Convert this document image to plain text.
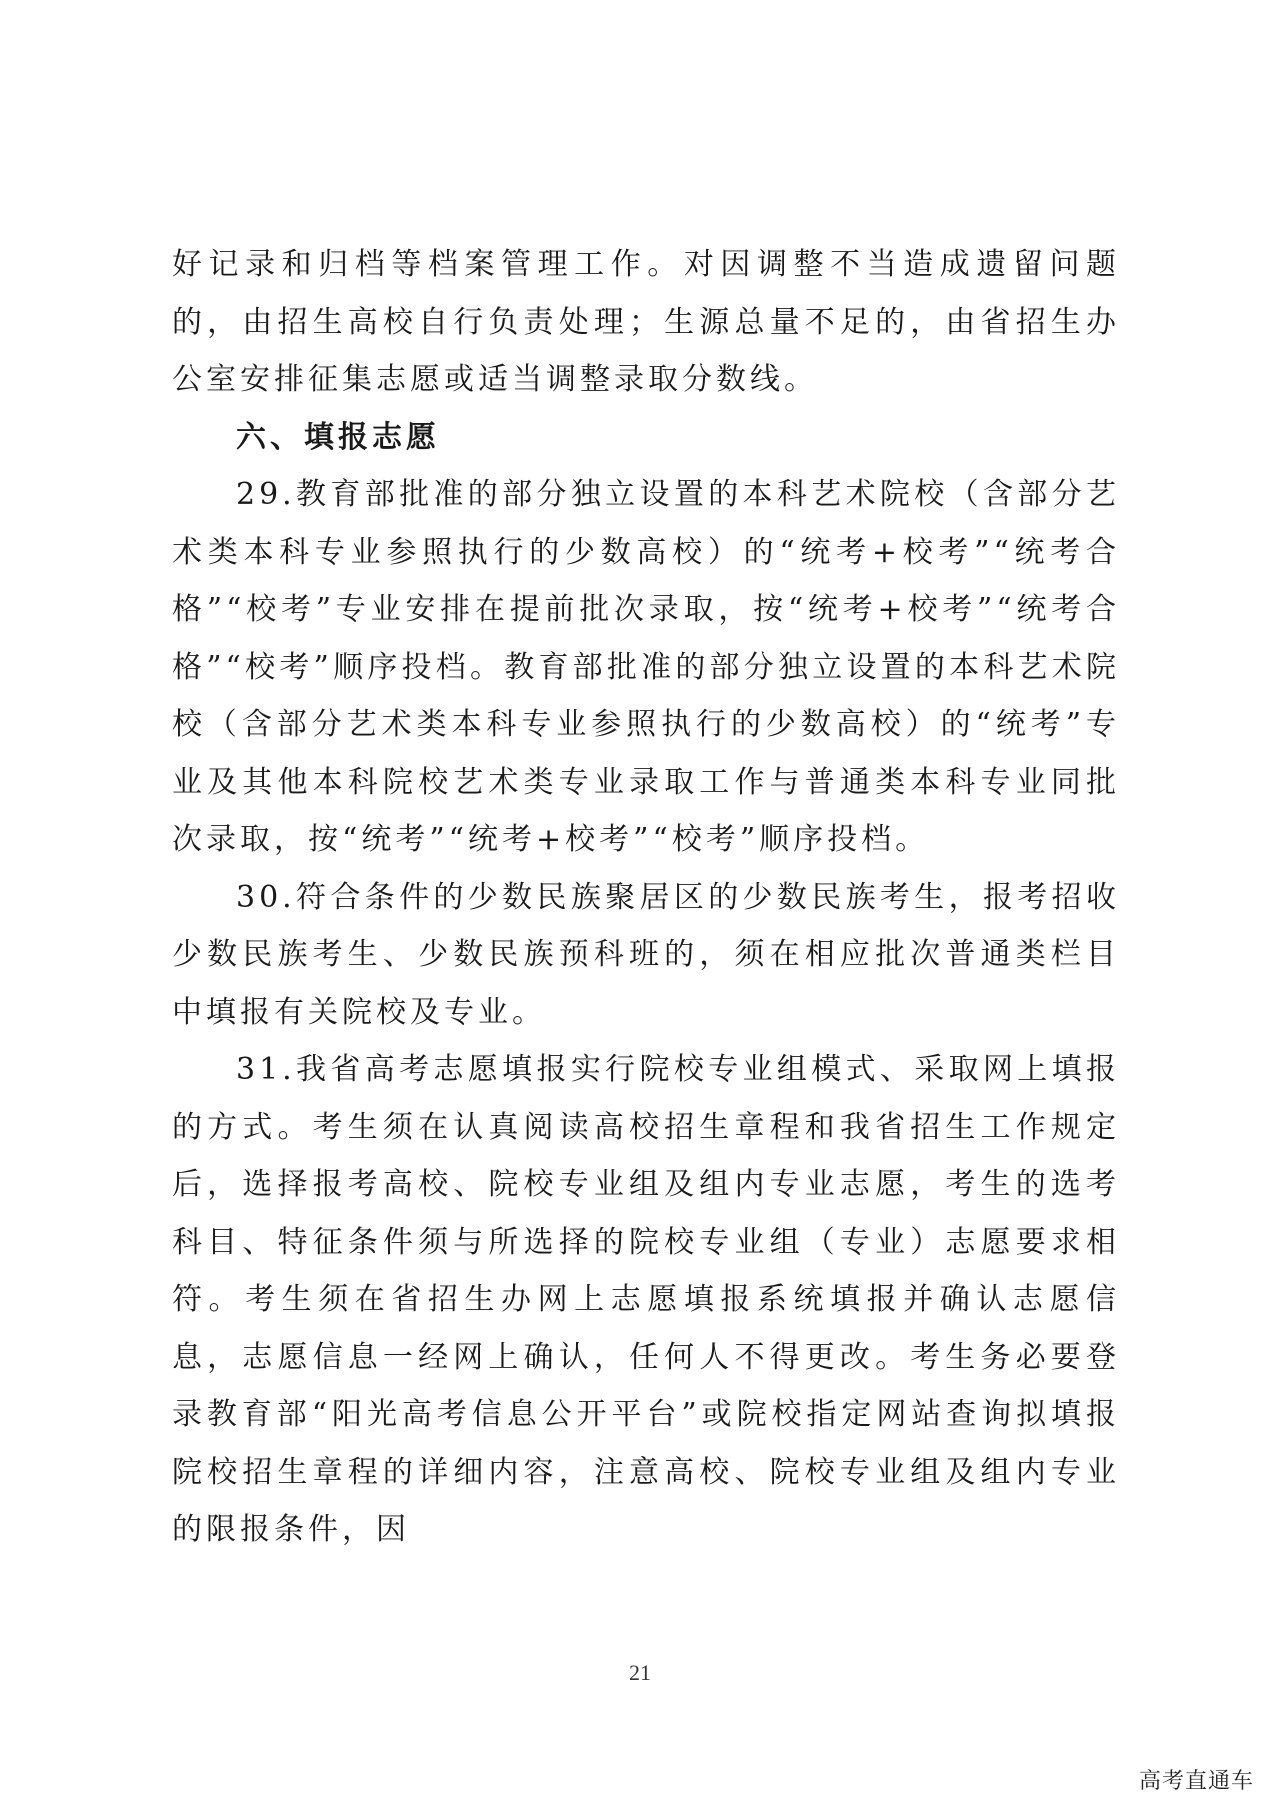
好记录和归档等档案管理工作。对因调整不当造成遗留问题的，由招生高校自行负责处理；生源总量不足的，由省招生办公室安排征集志愿或适当调整录取分数线。

六、填报志愿

29.教育部批准的部分独立设置的本科艺术院校（含部分艺术类本科专业参照执行的少数高校）的“统考+校考”“统考合格”“校考”专业安排在提前批次录取，按“统考+校考”“统考合格”“校考”顺序投档。教育部批准的部分独立设置的本科艺术院校（含部分艺术类本科专业参照执行的少数高校）的“统考”专业及其他本科院校艺术类专业录取工作与普通类本科专业同批次录取，按“统考”“统考+校考”“校考”顺序投档。

30.符合条件的少数民族聚居区的少数民族考生，报考招收少数民族考生、少数民族预科班的，须在相应批次普通类栏目中填报有关院校及专业。

31.我省高考志愿填报实行院校专业组模式、采取网上填报的方式。考生须在认真阅读高校招生章程和我省招生工作规定后，选择报考高校、院校专业组及组内专业志愿，考生的选考科目、特征条件须与所选择的院校专业组（专业）志愿要求相符。考生须在省招生办网上志愿填报系统填报并确认志愿信息，志愿信息一经网上确认，任何人不得更改。考生务必要登录教育部“阳光高考信息公开平台”或院校指定网站查询拟填报院校招生章程的详细内容，注意高校、院校专业组及组内专业的限报条件，因

21
高考直通车
